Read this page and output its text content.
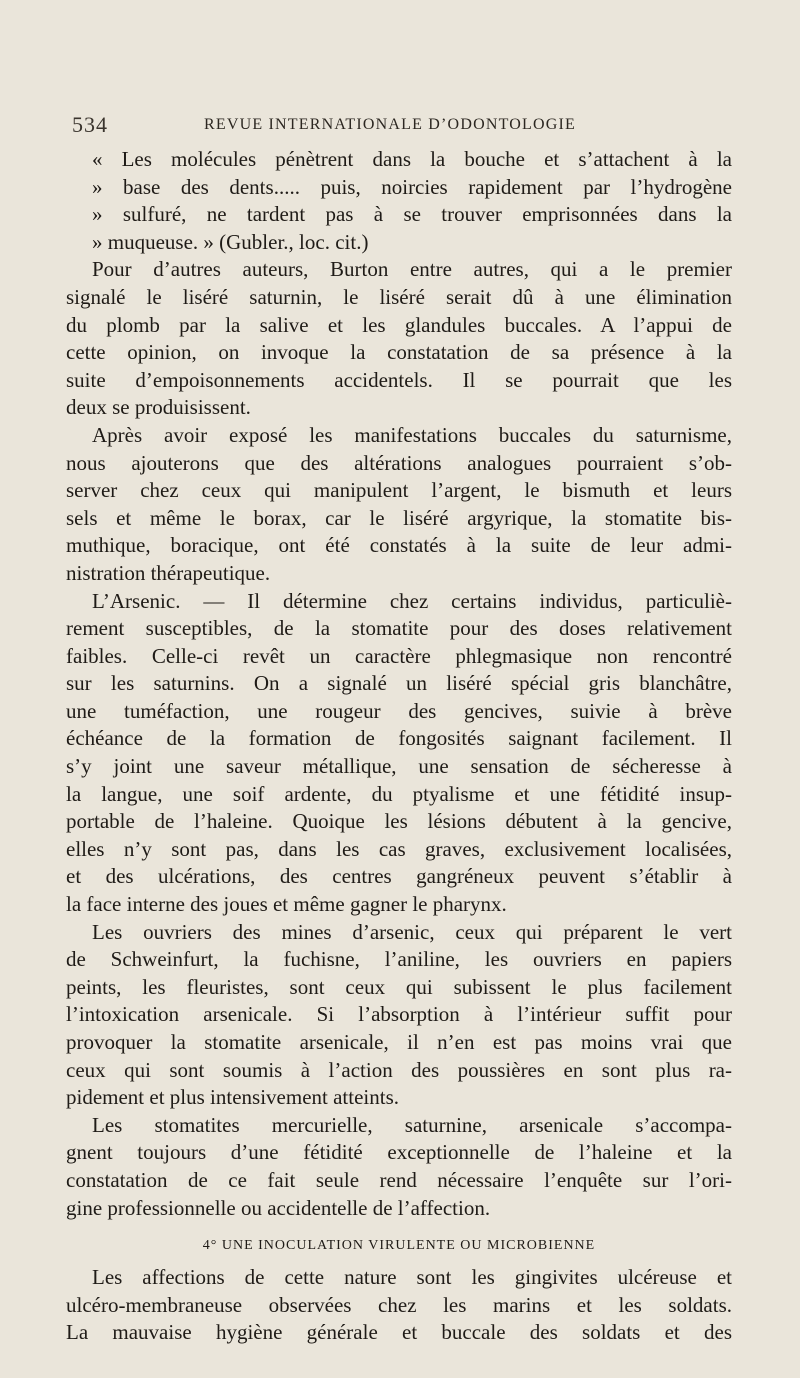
534	REVUE INTERNATIONALE D’ODONTOLOGIE
« Les molécules pénètrent dans la bouche et s’attachent à la
» base des dents..... puis, noircies rapidement par l’hydrogène
» sulfuré, ne tardent pas à se trouver emprisonnées dans la
» muqueuse. » (Gubler., loc. cit.)
Pour d’autres auteurs, Burton entre autres, qui a le premier
signalé le liséré saturnin, le liséré serait dû à une élimination
du plomb par la salive et les glandules buccales. A l’appui de
cette opinion, on invoque la constatation de sa présence à la
suite d’empoisonnements accidentels. Il se pourrait que les
deux se produisissent.
Après avoir exposé les manifestations buccales du saturnisme,
nous ajouterons que des altérations analogues pourraient s’ob-
server chez ceux qui manipulent l’argent, le bismuth et leurs
sels et même le borax, car le liséré argyrique, la stomatite bis-
muthique, boracique, ont été constatés à la suite de leur admi-
nistration thérapeutique.
L’Arsenic. — Il détermine chez certains individus, particuliè-
rement susceptibles, de la stomatite pour des doses relativement
faibles. Celle-ci revêt un caractère phlegmasique non rencontré
sur les saturnins. On a signalé un liséré spécial gris blanchâtre,
une tuméfaction, une rougeur des gencives, suivie à brève
échéance de la formation de fongosités saignant facilement. Il
s’y joint une saveur métallique, une sensation de sécheresse à
la langue, une soif ardente, du ptyalisme et une fétidité insup-
portable de l’haleine. Quoique les lésions débutent à la gencive,
elles n’y sont pas, dans les cas graves, exclusivement localisées,
et des ulcérations, des centres gangréneux peuvent s’établir à
la face interne des joues et même gagner le pharynx.
Les ouvriers des mines d’arsenic, ceux qui préparent le vert
de Schweinfurt, la fuchisne, l’aniline, les ouvriers en papiers
peints, les fleuristes, sont ceux qui subissent le plus facilement
l’intoxication arsenicale. Si l’absorption à l’intérieur suffit pour
provoquer la stomatite arsenicale, il n’en est pas moins vrai que
ceux qui sont soumis à l’action des poussières en sont plus ra-
pidement et plus intensivement atteints.
Les stomatites mercurielle, saturnine, arsenicale s’accompa-
gnent toujours d’une fétidité exceptionnelle de l’haleine et la
constatation de ce fait seule rend nécessaire l’enquête sur l’ori-
gine professionnelle ou accidentelle de l’affection.
4° UNE INOCULATION VIRULENTE OU MICROBIENNE
Les affections de cette nature sont les gingivites ulcéreuse et
ulcéro-membraneuse observées chez les marins et les soldats.
La mauvaise hygiène générale et buccale des soldats et des
